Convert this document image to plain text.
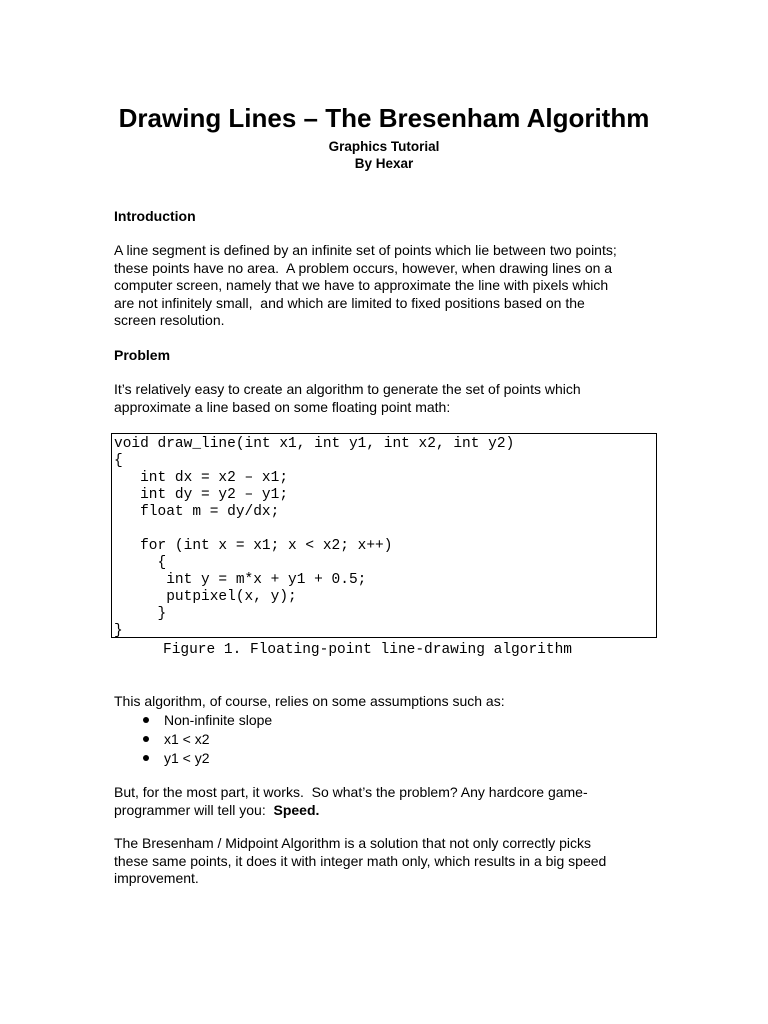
Drawing Lines – The Bresenham Algorithm
Graphics Tutorial
By Hexar
Introduction
A line segment is defined by an infinite set of points which lie between two points;
these points have no area.  A problem occurs, however, when drawing lines on a
computer screen, namely that we have to approximate the line with pixels which
are not infinitely small,  and which are limited to fixed positions based on the
screen resolution.
Problem
It’s relatively easy to create an algorithm to generate the set of points which
approximate a line based on some floating point math:
void draw_line(int x1, int y1, int x2, int y2)
{
int dx = x2 – x1;
int dy = y2 – y1;
float m = dy/dx;
for (int x = x1; x < x2; x++)
{
int y = m*x + y1 + 0.5;
putpixel(x, y);
}
}
Figure 1. Floating-point line-drawing algorithm
This algorithm, of course, relies on some assumptions such as:
Non-infinite slope
x1 < x2
y1 < y2
But, for the most part, it works.  So what’s the problem? Any hardcore game-
programmer will tell you:  Speed.
The Bresenham / Midpoint Algorithm is a solution that not only correctly picks
these same points, it does it with integer math only, which results in a big speed
improvement.
